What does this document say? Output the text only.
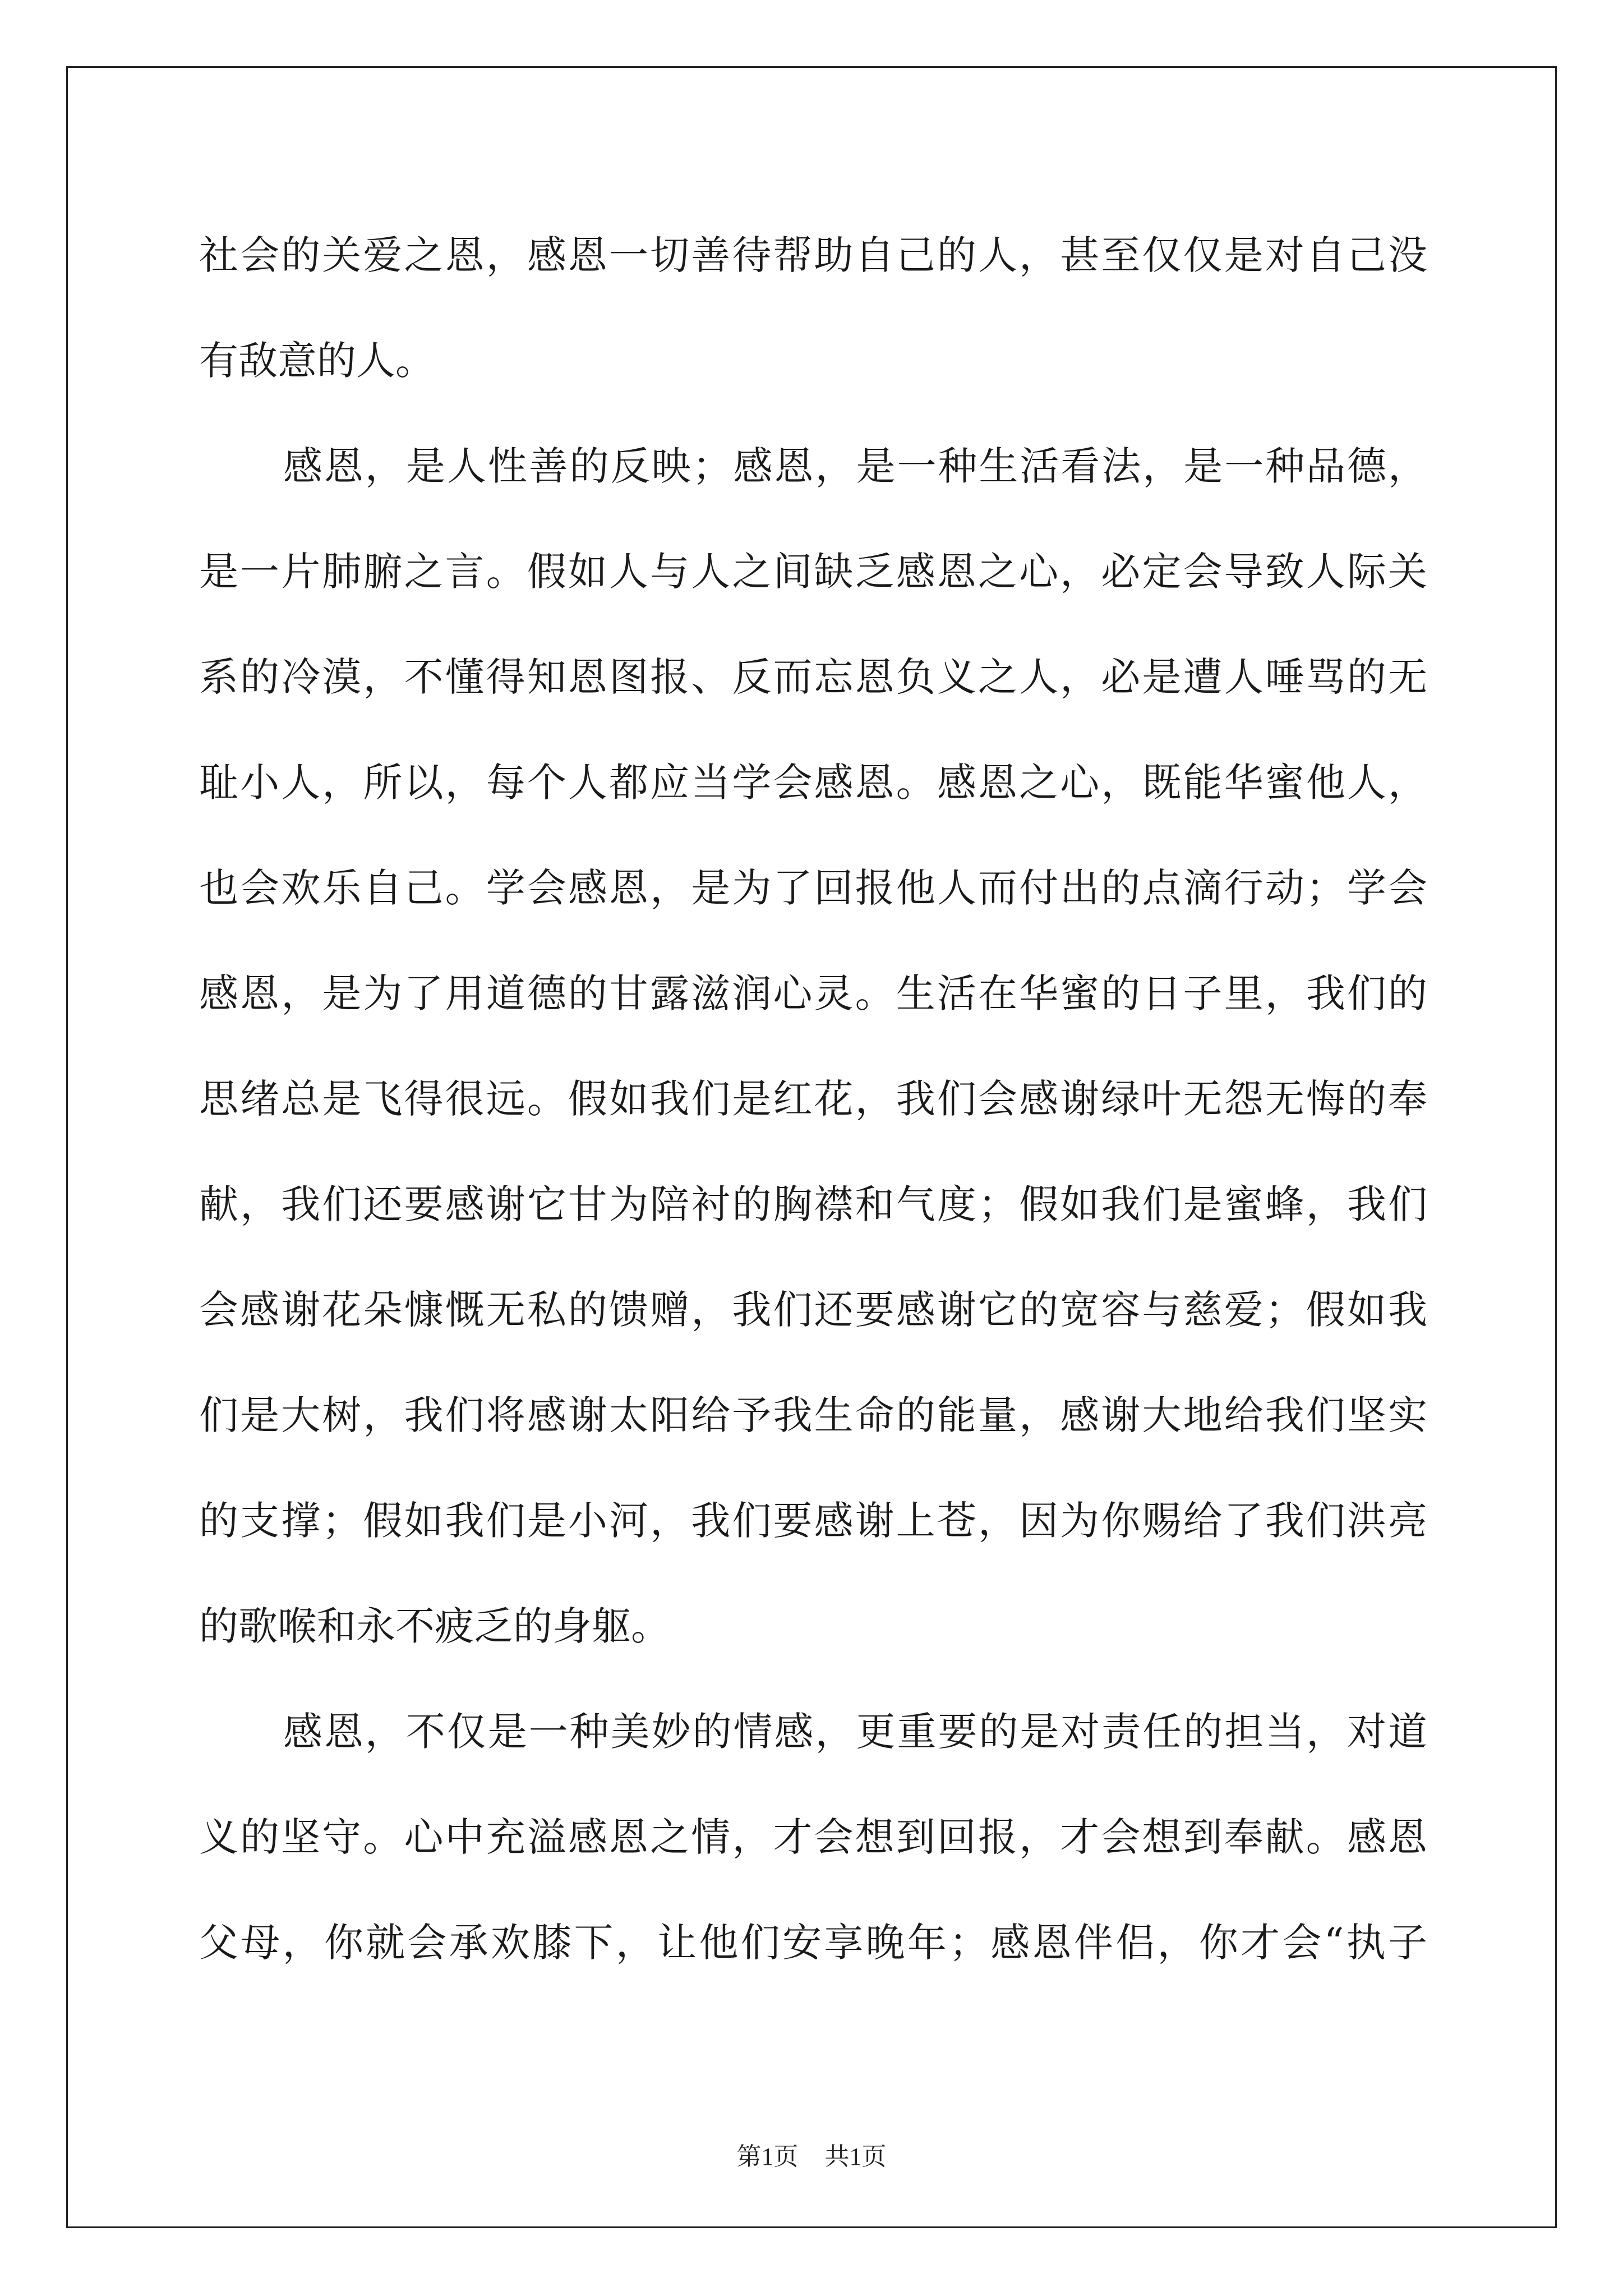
社会的关爱之恩，感恩一切善待帮助自己的人，甚至仅仅是对自己没
有敌意的人。
感恩，是人性善的反映；感恩，是一种生活看法，是一种品德，
是一片肺腑之言。假如人与人之间缺乏感恩之心，必定会导致人际关
系的冷漠，不懂得知恩图报、反而忘恩负义之人，必是遭人唾骂的无
耻小人，所以，每个人都应当学会感恩。感恩之心，既能华蜜他人，
也会欢乐自己。学会感恩，是为了回报他人而付出的点滴行动；学会
感恩，是为了用道德的甘露滋润心灵。生活在华蜜的日子里，我们的
思绪总是飞得很远。假如我们是红花，我们会感谢绿叶无怨无悔的奉
献，我们还要感谢它甘为陪衬的胸襟和气度；假如我们是蜜蜂，我们
会感谢花朵慷慨无私的馈赠，我们还要感谢它的宽容与慈爱；假如我
们是大树，我们将感谢太阳给予我生命的能量，感谢大地给我们坚实
的支撑；假如我们是小河，我们要感谢上苍，因为你赐给了我们洪亮
的歌喉和永不疲乏的身躯。
感恩，不仅是一种美妙的情感，更重要的是对责任的担当，对道
义的坚守。心中充溢感恩之情，才会想到回报，才会想到奉献。感恩
父母，你就会承欢膝下，让他们安享晚年；感恩伴侣，你才会“执子
第1页 共1页
